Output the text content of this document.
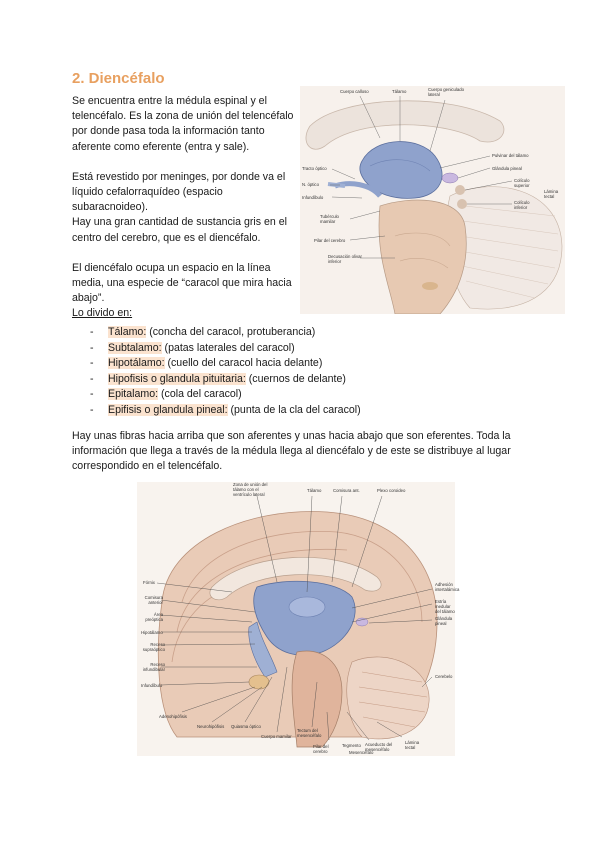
2. Diencéfalo

Se encuentra entre la médula espinal y el telencéfalo. Es la zona de unión del telencéfalo por donde pasa toda la información tanto aferente como eferente (entra y sale).

Está revestido por meninges, por donde va el líquido cefalorraquídeo (espacio subaracnoideo).

Hay una gran cantidad de sustancia gris en el centro del cerebro, que es el diencéfalo.

El diencéfalo ocupa un espacio en la línea media, una especie de “caracol que mira hacia abajo”.

Lo divido en:
Cuerpo calloso	Tálamo	Cuerpo geniculado lateral
Pulvinar del tálamo
Glándula pineal
Colículo superior
Colículo inferior
Lámina tectal
Tracto óptico
N. óptico
Infundíbulo
Tubérculo mamilar
Pilar del cerebro
Decusación olivar inferior
- Tálamo: (concha del caracol, protuberancia)
- Subtalamo: (patas laterales del caracol)
- Hipotálamo: (cuello del caracol hacia delante)
- Hipofisis o glandula pituitaria: (cuernos de delante)
- Epitalamo: (cola del caracol)
- Epifisis o glandula pineal: (punta de la cla del caracol)

Hay unas fibras hacia arriba que son aferentes y unas hacia abajo que son eferentes. Toda la información que llega a través de la médula llega al diencéfalo y de este se distribuye al lugar correspondido en el telencéfalo.

Zona de unión del tálamo con el ventrículo lateral
Tálamo	Comisura ant.	Plexo coroideo
Fórnix
Comisura anterior
Área preóptica
Hipotálamo
Receso supraóptico
Receso infundibular
Infundíbulo
Adhesión intertalámica
Estría medular del tálamo
Glándula pineal
Cerebelo
Adenohipófisis
Neurohipófisis Quiasma óptico
Cuerpo mamilar
Tectum del mesencéfalo
Pilar del cerebro
Tegmento Acueducto del mesencéfalo
Lámina tectal
Mesencéfalo
